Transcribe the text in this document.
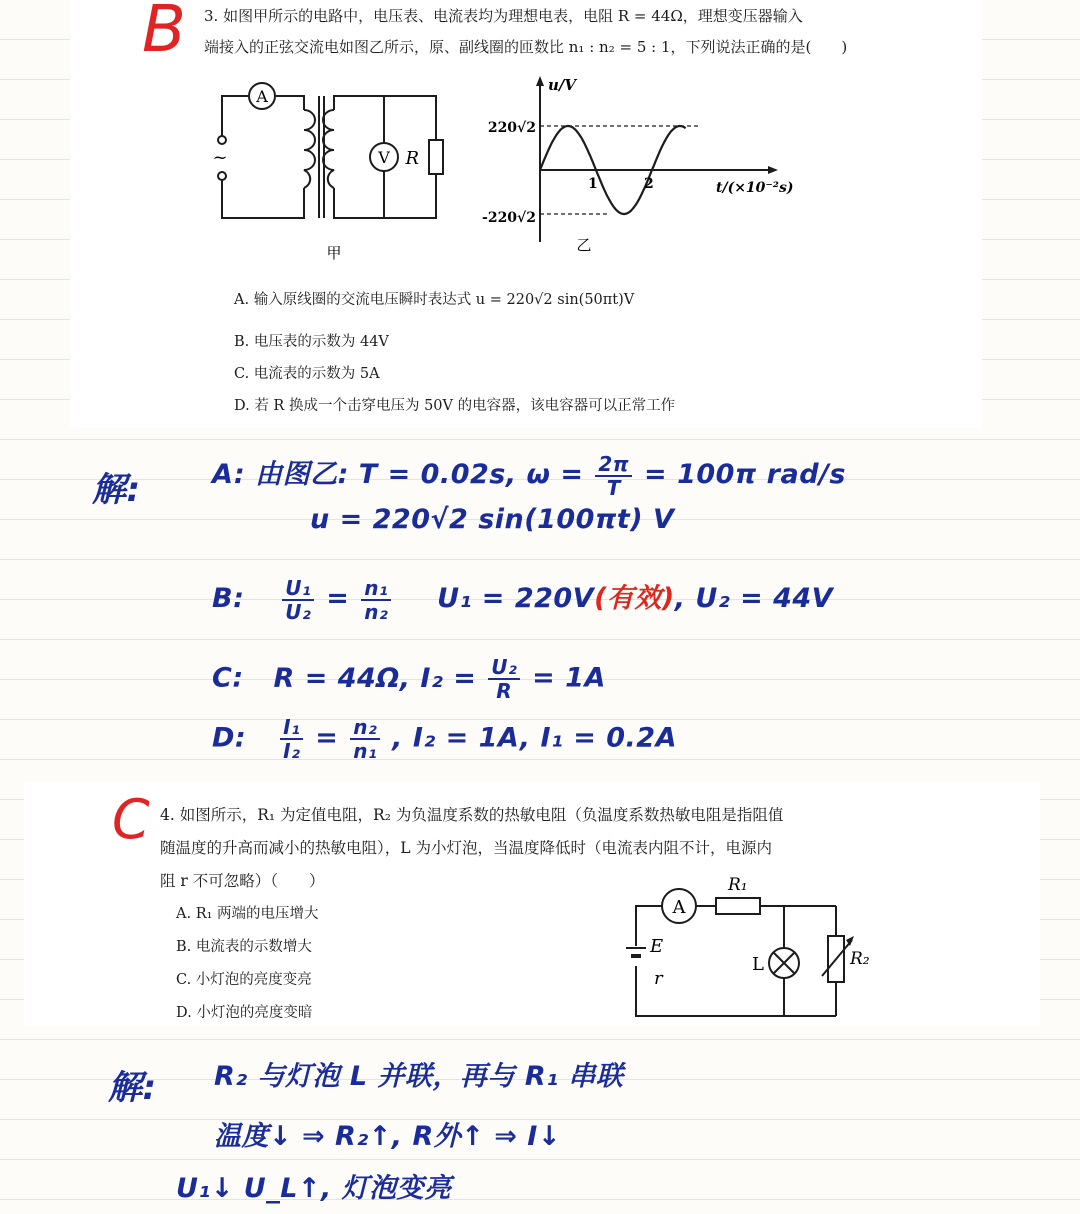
B 3. 如图甲所示的电路中，电压表、电流表均为理想电表，电阻 R = 44Ω，理想变压器输入
端接入的正弦交流电如图乙所示，原、副线圈的匝数比 n₁ : n₂ = 5 : 1，下列说法正确的是(　　)
A
V R
~
甲
u/V
t/(×10⁻²s)
220√2
-220√2
1	2
乙
A. 输入原线圈的交流电压瞬时表达式 u = 220√2 sin(50πt)V
B. 电压表的示数为 44V
C. 电流表的示数为 5A
D. 若 R 换成一个击穿电压为 50V 的电容器，该电容器可以正常工作
解:	A: 由图乙: T = 0.02s, $\omega = \frac{2\pi}{T} = 100\pi$ rad/s
u = 220√2 sin(100πt) V
B: $\frac{\text{U₁}}{\text{U₂}} = \frac{\text{n₁}}{\text{n₂}} U_1 = 220V$(有效), U₂ = 44V
C: R = 44Ω, $I_2 = \frac{\text{U₂}}{R} = 1A$
D: $\frac{\text{I₁}}{\text{I₂}} = \frac{\text{n₂}}{\text{n₁}}$ , I₂ = 1A, I₁ = 0.2A
C 4. 如图所示，R₁ 为定值电阻，R₂ 为负温度系数的热敏电阻（负温度系数热敏电阻是指阻值
随温度的升高而减小的热敏电阻），L 为小灯泡，当温度降低时（电流表内阻不计，电源内
阻 r 不可忽略）（　　）
A. R₁ 两端的电压增大
B. 电流表的示数增大
C. 小灯泡的亮度变亮
D. 小灯泡的亮度变暗
A
L
R₁
R₂
E
r
解: R₂ 与灯泡 L 并联，再与 R₁ 串联
温度↓ ⇒ R₂↑, R外↑ ⇒ I↓
U₁↓ U_L↑, 灯泡变亮
